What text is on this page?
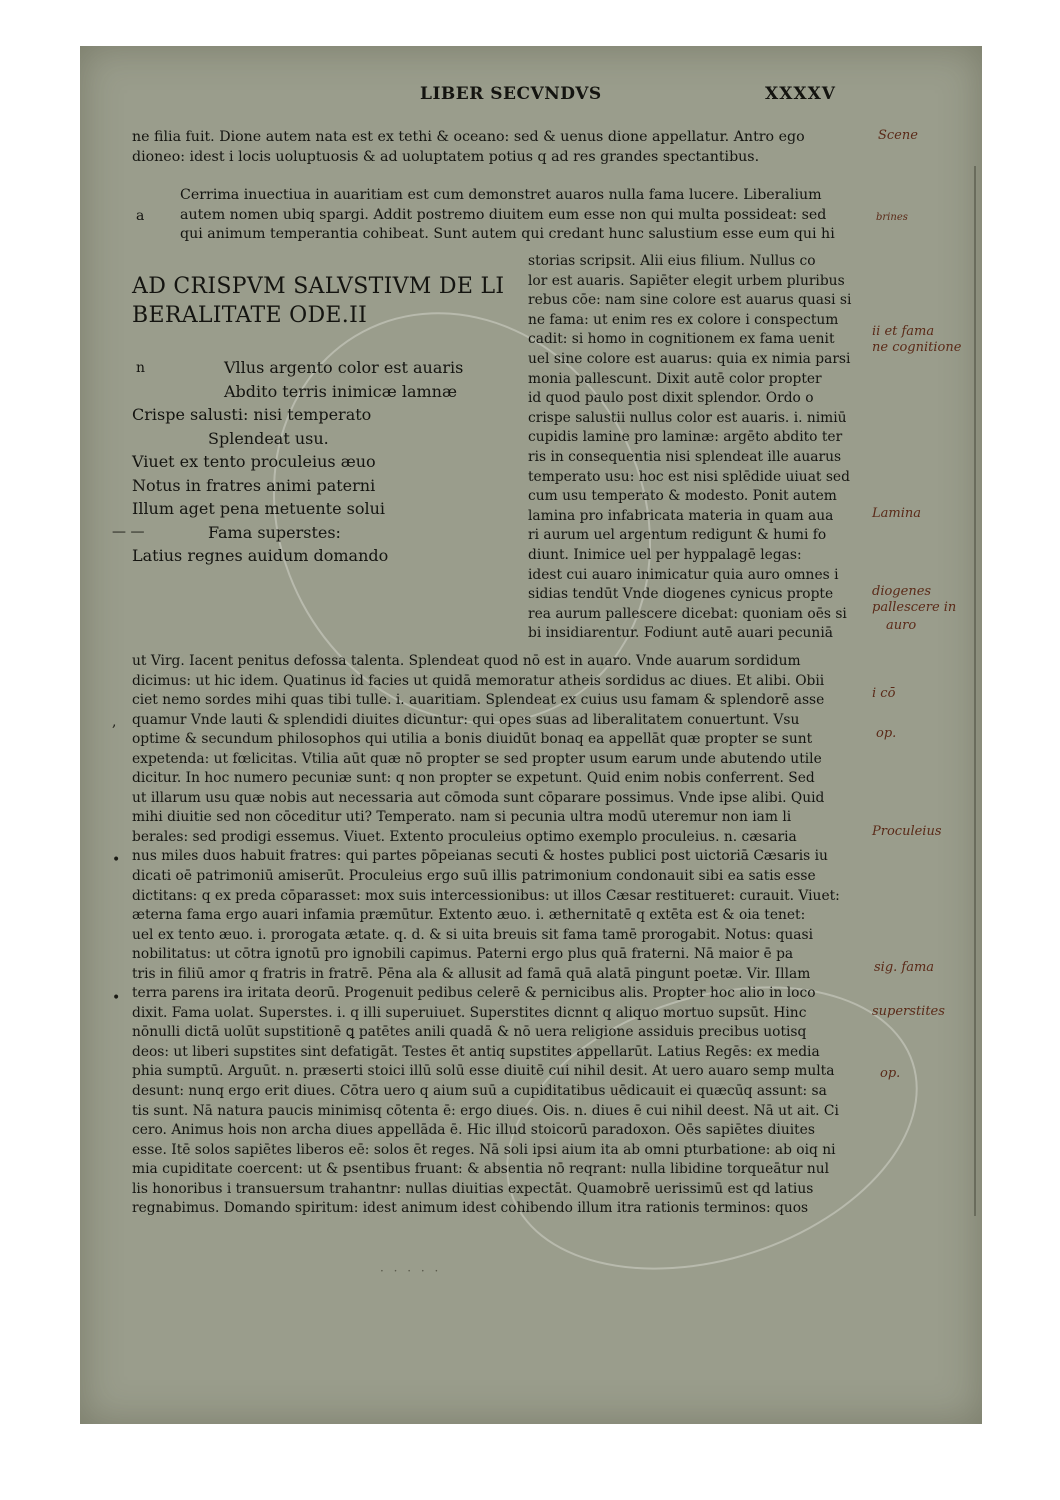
LIBER SECVNDVS	XXXXV

ne filia fuit. Dione autem nata est ex tethi & oceano: sed & uenus dione appellatur. Antro ego

dioneo: idest i locis uoluptuosis & ad uoluptatem potius q ad res grandes spectantibus.

a

Cerrima inuectiua in auaritiam est cum demonstret auaros nulla fama lucere. Liberalium

autem nomen ubiq spargi. Addit postremo diuitem eum esse non qui multa possideat: sed

qui animum temperantia cohibeat. Sunt autem qui credant hunc salustium esse eum qui hi

AD CRISPVM SALVSTIVM DE LI
BERALITATE ODE.II
n	Vllus argento color est auaris
Abdito terris inimicæ lamnæ
Crispe salusti: nisi temperato
Splendeat usu.
Viuet ex tento proculeius æuo
Notus in fratres animi paterni
Illum aget pena metuente solui
Fama superstes:
Latius regnes auidum domando
storias scripsit. Alii eius filium. Nullus co
lor est auaris. Sapiēter elegit urbem pluribus
rebus cōe: nam sine colore est auarus quasi si
ne fama: ut enim res ex colore i conspectum
cadit: si homo in cognitionem ex fama uenit
uel sine colore est auarus: quia ex nimia parsi
monia pallescunt. Dixit autē color propter
id quod paulo post dixit splendor. Ordo o
crispe salustii nullus color est auaris. i. nimiū
cupidis lamine pro laminæ: argēto abdito ter
ris in consequentia nisi splendeat ille auarus
temperato usu: hoc est nisi splēdide uiuat sed
cum usu temperato & modesto. Ponit autem
lamina pro infabricata materia in quam aua
ri aurum uel argentum redigunt & humi fo
diunt. Inimice uel per hyppalagē legas:
idest cui auaro inimicatur quia auro omnes i
sidias tendūt Vnde diogenes cynicus propte
rea aurum pallescere dicebat: quoniam oēs si
bi insidiarentur. Fodiunt autē auari pecuniā
ut Virg. Iacent penitus defossa talenta. Splendeat quod nō est in auaro. Vnde auarum sordidum
dicimus: ut hic idem. Quatinus id facies ut quidā memoratur atheis sordidus ac diues. Et alibi. Obii
ciet nemo sordes mihi quas tibi tulle. i. auaritiam. Splendeat ex cuius usu famam & splendorē asse
quamur Vnde lauti & splendidi diuites dicuntur: qui opes suas ad liberalitatem conuertunt. Vsu
optime & secundum philosophos qui utilia a bonis diuidūt bonaq ea appellāt quæ propter se sunt
expetenda: ut fœlicitas. Vtilia aūt quæ nō propter se sed propter usum earum unde abutendo utile
dicitur. In hoc numero pecuniæ sunt: q non propter se expetunt. Quid enim nobis conferrent. Sed
ut illarum usu quæ nobis aut necessaria aut cōmoda sunt cōparare possimus. Vnde ipse alibi. Quid
mihi diuitie sed non cōceditur uti? Temperato. nam si pecunia ultra modū uteremur non iam li
berales: sed prodigi essemus. Viuet. Extento proculeius optimo exemplo proculeius. n. cæsaria
nus miles duos habuit fratres: qui partes pōpeianas secuti & hostes publici post uictoriā Cæsaris iu
dicati oē patrimoniū amiserūt. Proculeius ergo suū illis patrimonium condonauit sibi ea satis esse
dictitans: q ex preda cōparasset: mox suis intercessionibus: ut illos Cæsar restitueret: curauit. Viuet:
æterna fama ergo auari infamia præmūtur. Extento æuo. i. æthernitatē q extēta est & oia tenet:
uel ex tento æuo. i. prorogata ætate. q. d. & si uita breuis sit fama tamē prorogabit. Notus: quasi
nobilitatus: ut cōtra ignotū pro ignobili capimus. Paterni ergo plus quā fraterni. Nā maior ē pa
tris in filiū amor q fratris in fratrē. Pēna ala & allusit ad famā quā alatā pingunt poetæ. Vir. Illam
terra parens ira iritata deorū. Progenuit pedibus celerē & pernicibus alis. Propter hoc alio in loco
dixit. Fama uolat. Superstes. i. q illi superuiuet. Superstites dicnnt q aliquo mortuo supsūt. Hinc
nōnulli dictā uolūt supstitionē ꝗ patētes anili quadā & nō uera religione assiduis precibus uotisq
deos: ut liberi supstites sint defatigāt. Testes ēt antiq supstites appellarūt. Latius Regēs: ex media
phia sumptū. Arguūt. n. præserti stoici illū solū esse diuitē cui nihil desit. At uero auaro semp multa
desunt: nunq ergo erit diues. Cōtra uero q aium suū a cupiditatibus uēdicauit ei quæcūq assunt: sa
tis sunt. Nā natura paucis minimisq cōtenta ē: ergo diues. Ois. n. diues ē cui nihil deest. Nā ut ait. Ci
cero. Animus hois non archa diues appellāda ē. Hic illud stoicorū paradoxon. Oēs sapiētes diuites
esse. Itē solos sapiētes liberos eē: solos ēt reges. Nā soli ipsi aium ita ab omni pturbatione: ab oiq ni
mia cupiditate coercent: ut & psentibus fruant: & absentia nō reqrant: nulla libidine torqueātur nul
lis honoribus i transuersum trahantnr: nullas diuitias expectāt. Quamobrē uerissimū est qd latius
regnabimus. Domando spiritum: idest animum idest cohibendo illum itra rationis terminos: quos
— —
,
•
•
· · · · ·
Scene
brines
ii et fama
ne cognitione
Lamina
diogenes
pallescere in
auro
i cō
op.
Proculeius
sig. fama
superstites
op.
